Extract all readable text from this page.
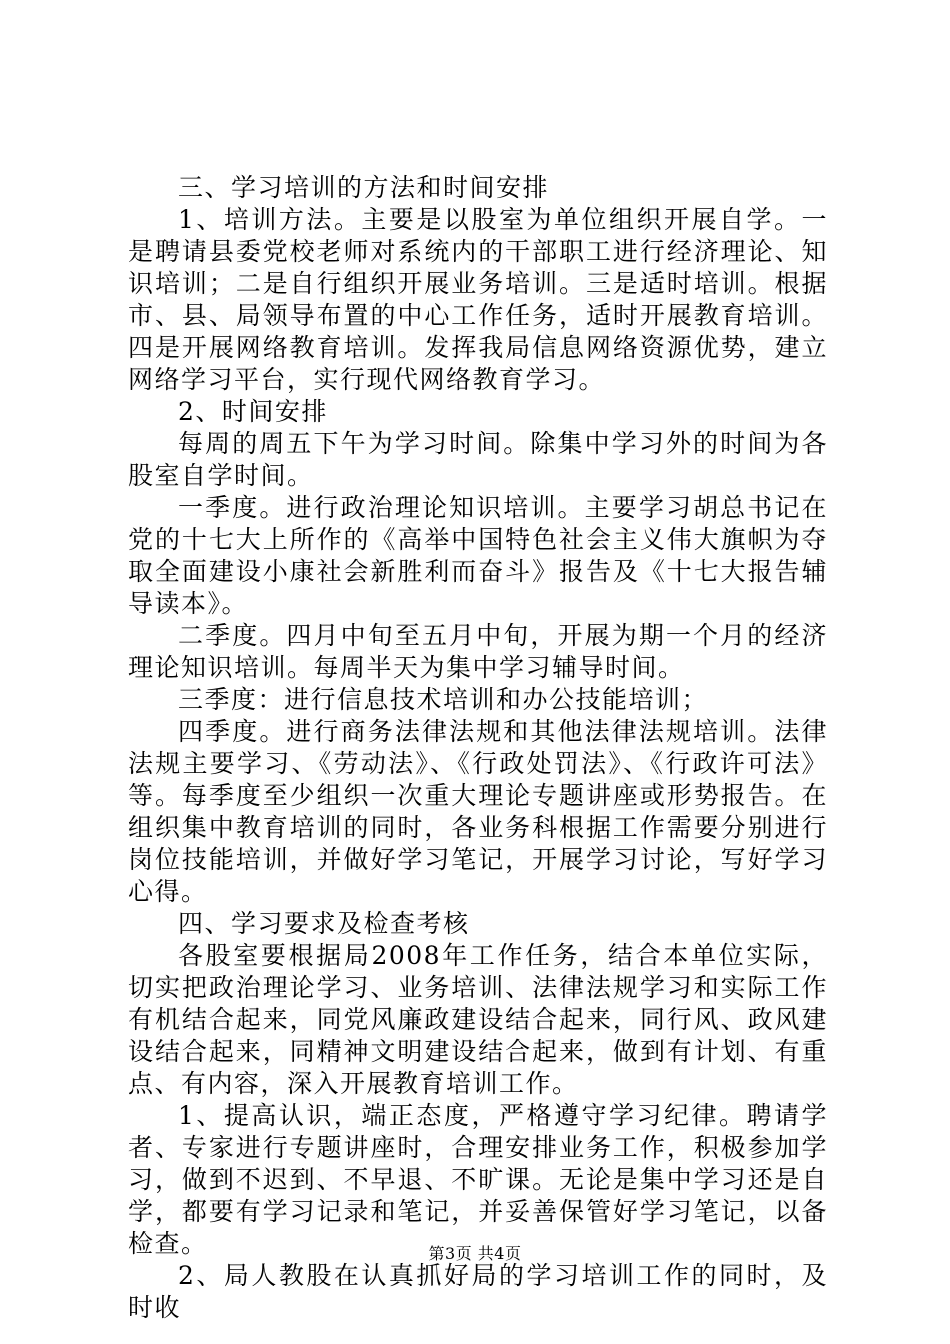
三、学习培训的方法和时间安排

1、培训方法。主要是以股室为单位组织开展自学。一是聘请县委党校老师对系统内的干部职工进行经济理论、知识培训；二是自行组织开展业务培训。三是适时培训。根据市、县、局领导布置的中心工作任务，适时开展教育培训。四是开展网络教育培训。发挥我局信息网络资源优势，建立网络学习平台，实行现代网络教育学习。

2、时间安排

每周的周五下午为学习时间。除集中学习外的时间为各股室自学时间。

一季度。进行政治理论知识培训。主要学习胡总书记在党的十七大上所作的《高举中国特色社会主义伟大旗帜为夺取全面建设小康社会新胜利而奋斗》报告及《十七大报告辅导读本》。

二季度。四月中旬至五月中旬，开展为期一个月的经济理论知识培训。每周半天为集中学习辅导时间。

三季度：进行信息技术培训和办公技能培训；

四季度。进行商务法律法规和其他法律法规培训。法律法规主要学习、《劳动法》、《行政处罚法》、《行政许可法》等。每季度至少组织一次重大理论专题讲座或形势报告。在组织集中教育培训的同时，各业务科根据工作需要分别进行岗位技能培训，并做好学习笔记，开展学习讨论，写好学习心得。

四、学习要求及检查考核

各股室要根据局2008年工作任务，结合本单位实际，切实把政治理论学习、业务培训、法律法规学习和实际工作有机结合起来，同党风廉政建设结合起来，同行风、政风建设结合起来，同精神文明建设结合起来，做到有计划、有重点、有内容，深入开展教育培训工作。

1、提高认识，端正态度，严格遵守学习纪律。聘请学者、专家进行专题讲座时，合理安排业务工作，积极参加学习，做到不迟到、不早退、不旷课。无论是集中学习还是自学，都要有学习记录和笔记，并妥善保管好学习笔记，以备检查。

2、局人教股在认真抓好局的学习培训工作的同时，及时收

第3页 共4页
